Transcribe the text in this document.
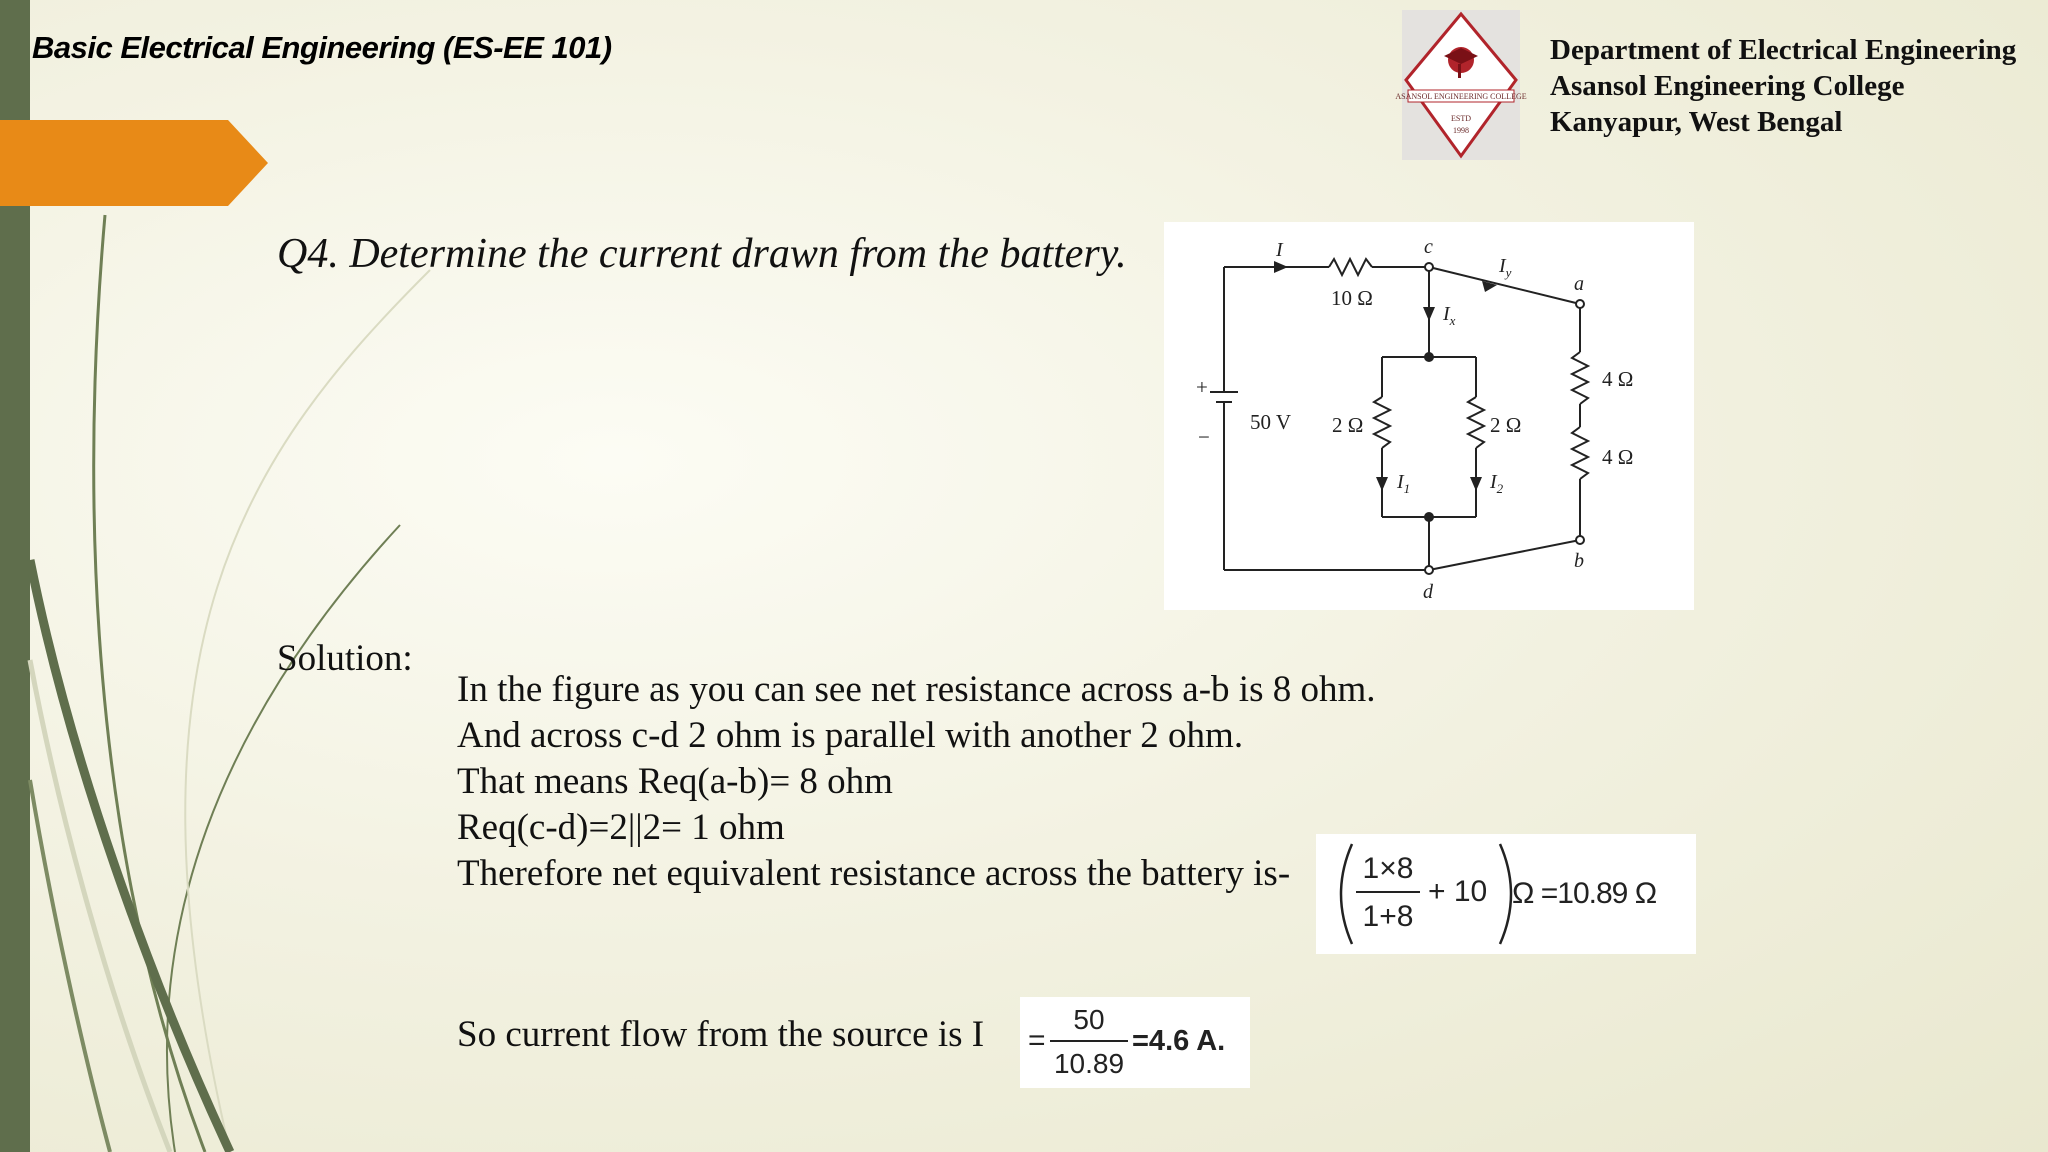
Basic Electrical Engineering (ES-EE 101)
ASANSOL ENGINEERING COLLEGE
ESTD
1998
Department of Electrical Engineering
Asansol Engineering College
Kanyapur, West Bengal
Q4. Determine the current drawn from the battery.
+
−
50 V
10 Ω
2 Ω	2 Ω
4 Ω
4 Ω
I
$I_x$
$I_y$
$I_1$	$I_2$
c
a
b
d
Solution:
In the figure as you can see net resistance across a-b is 8 ohm.
And across c-d 2 ohm is parallel with another 2 ohm.
That means Req(a-b)= 8 ohm
Req(c-d)=2||2= 1 ohm
Therefore net equivalent resistance across the battery is-	1×8
1+8
+ 10 Ω =10.89 Ω
So current flow from the source is I =
50
10.89
=4.6 A.
